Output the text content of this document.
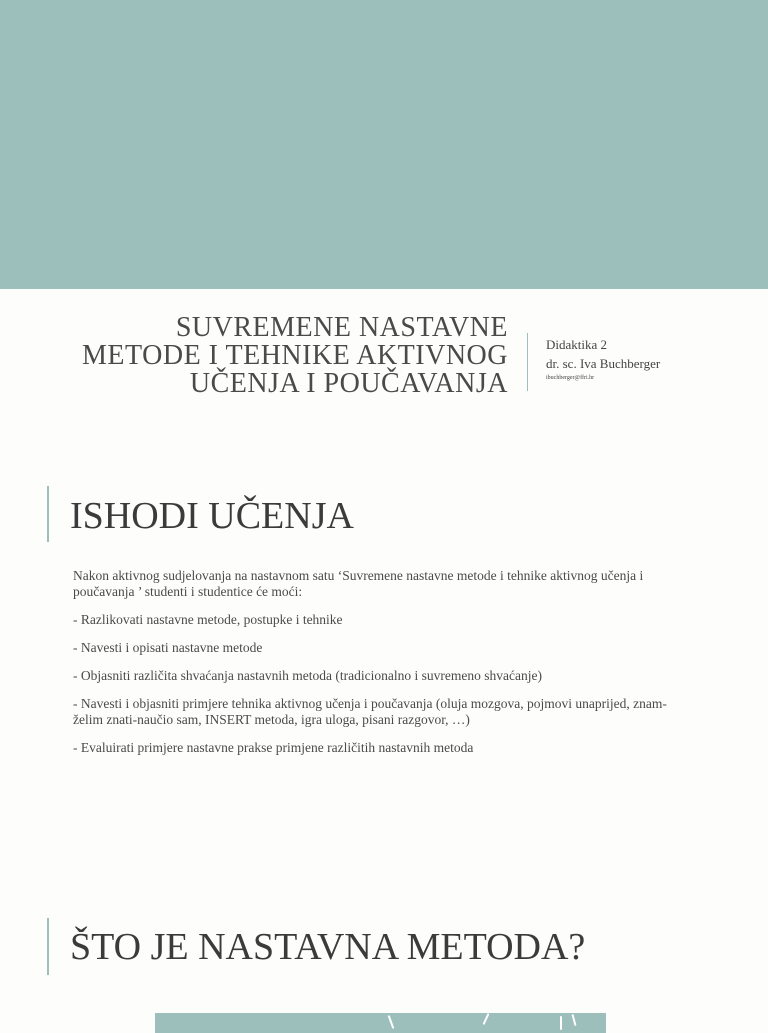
SUVREMENE NASTAVNE
METODE I TEHNIKE AKTIVNOG
UČENJA I POUČAVANJA
Didaktika 2
dr. sc. Iva Buchberger
ibuchberger@ffri.hr
ISHODI UČENJA

Nakon aktivnog sudjelovanja na nastavnom satu ‘Suvremene nastavne metode i tehnike aktivnog učenja i poučavanja ’ studenti i studentice će moći:

- Razlikovati nastavne metode, postupke i tehnike

- Navesti i opisati nastavne metode

- Objasniti različita shvaćanja nastavnih metoda (tradicionalno i suvremeno shvaćanje)

- Navesti i objasniti primjere tehnika aktivnog učenja i poučavanja (oluja mozgova, pojmovi unaprijed, znam-želim znati-naučio sam, INSERT metoda, igra uloga, pisani razgovor, …)

- Evaluirati primjere nastavne prakse primjene različitih nastavnih metoda

ŠTO JE NASTAVNA METODA?
